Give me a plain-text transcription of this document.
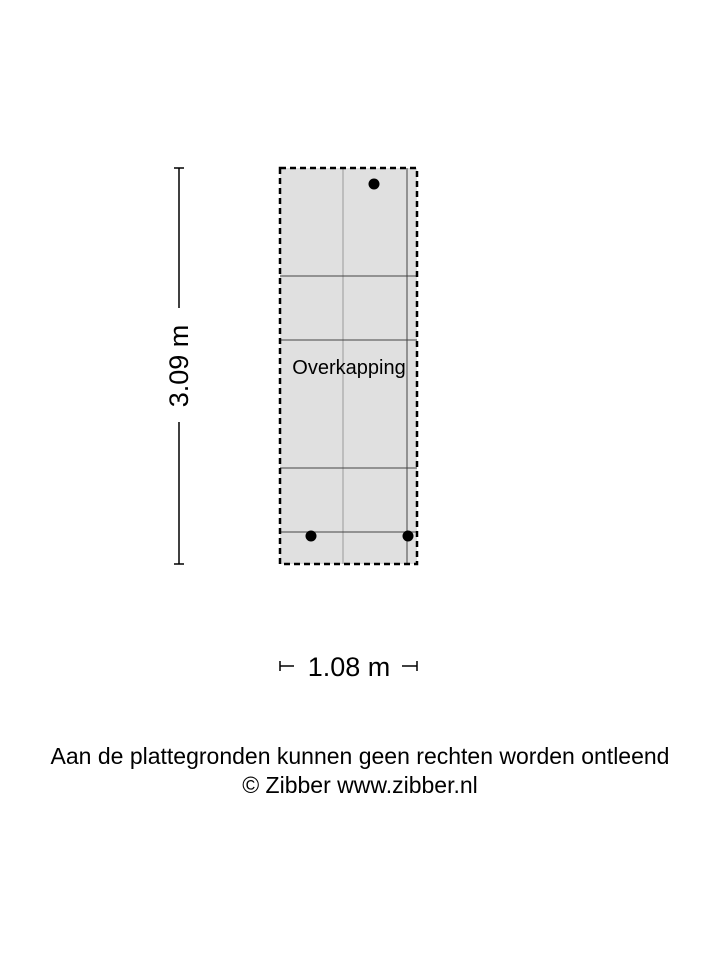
Overkapping
3.09 m
1.08 m
Aan de plattegronden kunnen geen rechten worden ontleend
© Zibber www.zibber.nl
